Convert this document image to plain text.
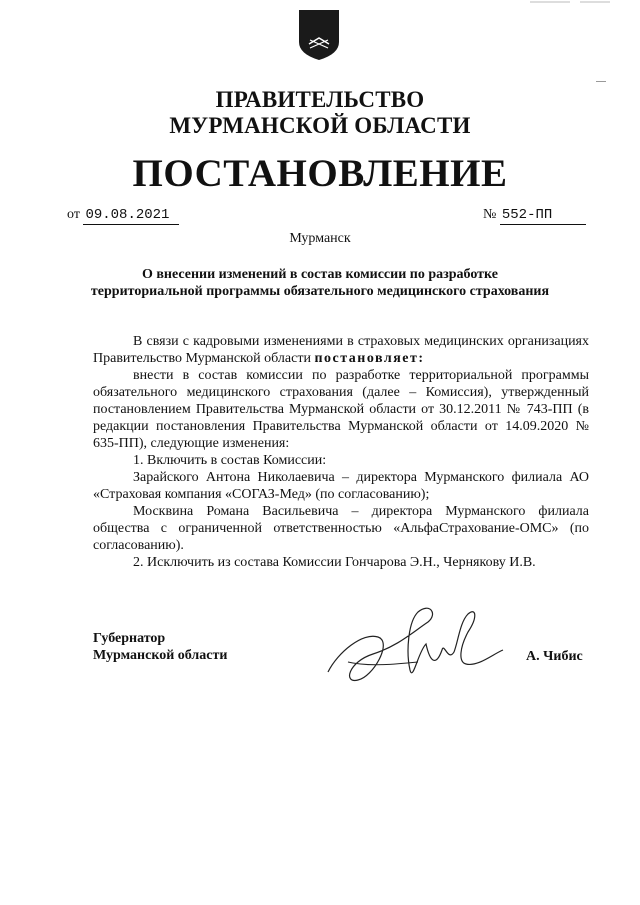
ПРАВИТЕЛЬСТВО
МУРМАНСКОЙ ОБЛАСТИ
ПОСТАНОВЛЕНИЕ
от 09.08.2021	№ 552-ПП
Мурманск
О внесении изменений в состав комиссии по разработке
территориальной программы обязательного медицинского страхования

В связи с кадровыми изменениями в страховых медицинских организациях Правительство Мурманской области постановляет:

внести в состав комиссии по разработке территориальной программы обязательного медицинского страхования (далее – Комиссия), утвержденный постановлением Правительства Мурманской области от 30.12.2011 № 743-ПП (в редакции постановления Правительства Мурманской области от 14.09.2020 № 635-ПП), следующие изменения:

1. Включить в состав Комиссии:

Зарайского Антона Николаевича – директора Мурманского филиала АО «Страховая компания «СОГАЗ-Мед» (по согласованию);

Москвина Романа Васильевича – директора Мурманского филиала общества с ограниченной ответственностью «АльфаСтрахование-ОМС» (по согласованию).

2. Исключить из состава Комиссии Гончарова Э.Н., Чернякову И.В.

Губернатор
Мурманской области	А. Чибис
